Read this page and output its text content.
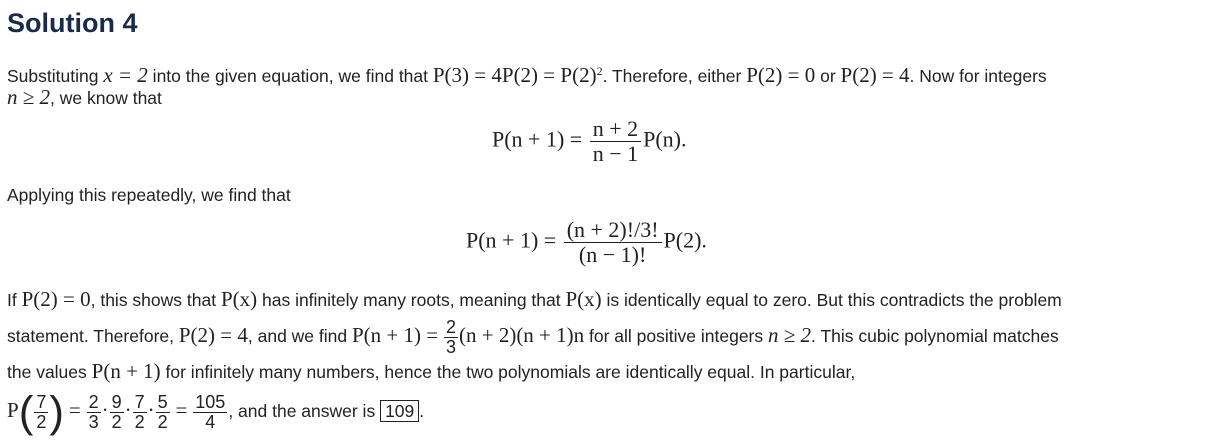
Solution 4
Substituting x = 2 into the given equation, we find that $P(3) = 4P(2) = P(2)^2$. Therefore, either P(2) = 0 or P(2) = 4. Now for integers
n ≥ 2, we know that
$P(n + 1) = \frac{n + 2}{n - 1} P(n)$.
Applying this repeatedly, we find that
$P(n + 1) = \frac{(n + 2)!/3!}{(n - 1)!} P(2)$.
If P(2) = 0, this shows that P(x) has infinitely many roots, meaning that P(x) is identically equal to zero. But this contradicts the problem
statement. Therefore, P(2) = 4, and we find $P(n + 1) = \frac{2}{3} (n + 2)(n + 1)n$ for all positive integers n ≥ 2. This cubic polynomial matches
the values P(n + 1) for infinitely many numbers, hence the two polynomials are identically equal. In particular,
$P( \frac{7}{2}$ ) = $\frac{2}{3} \cdot \frac{9}{2} \cdot \frac{7}{2} \cdot \frac{5}{2} = \frac{105}{4}$ , and the answer is 109 .
